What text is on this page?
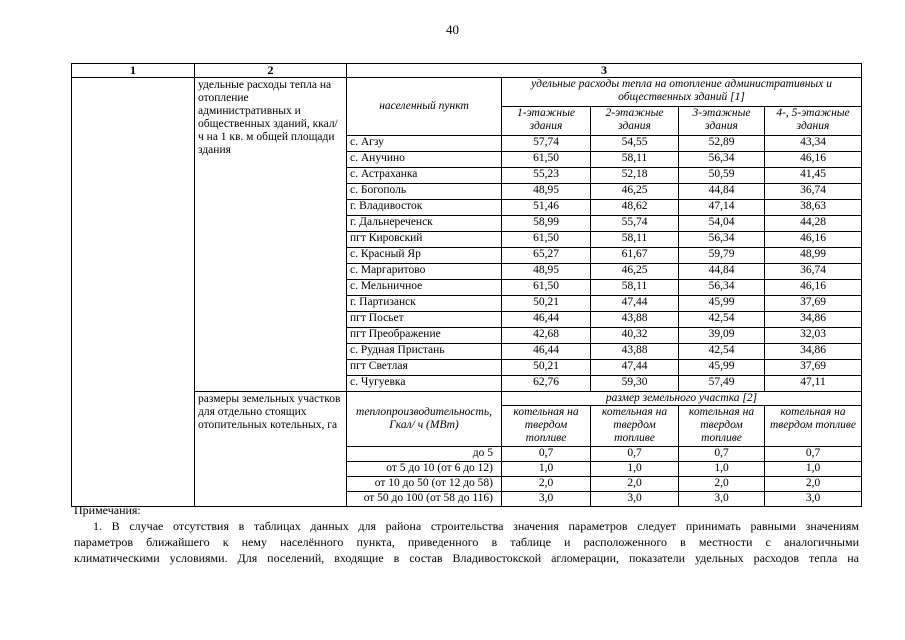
40
1	2	3				

	удельные расходы тепла на отопление административных и общественных зданий, ккал/ ч на 1 кв. м общей площади здания	населенный пункт	удельные расходы тепла на отопление административных и общественных зданий [1]			
			1-этажные здания	2-этажные здания	3-этажные здания	4-, 5-этажные здания
		с. Агзу	57,74	54,55	52,89	43,34
		с. Анучино	61,50	58,11	56,34	46,16
		с. Астраханка	55,23	52,18	50,59	41,45
		с. Богополь	48,95	46,25	44,84	36,74
		г. Владивосток	51,46	48,62	47,14	38,63
		г. Дальнереченск	58,99	55,74	54,04	44,28
		пгт Кировский	61,50	58,11	56,34	46,16
		с. Красный Яр	65,27	61,67	59,79	48,99
		с. Маргаритово	48,95	46,25	44,84	36,74
		с. Мельничное	61,50	58,11	56,34	46,16
		г. Партизанск	50,21	47,44	45,99	37,69
		пгт Посьет	46,44	43,88	42,54	34,86
		пгт Преображение	42,68	40,32	39,09	32,03
		с. Рудная Пристань	46,44	43,88	42,54	34,86
		пгт Светлая	50,21	47,44	45,99	37,69
		с. Чугуевка	62,76	59,30	57,49	47,11

	размеры земельных участков для отдельно стоящих отопительных котельных, га	теплопроизводительность, Гкал/ ч (МВт)	размер земельного участка [2]			
			котельная на твердом топливе	котельная на твердом топливе	котельная на твердом топливе	котельная на твердом топливе
		до 5	0,7	0,7	0,7	0,7
		от 5 до 10 (от 6 до 12)	1,0	1,0	1,0	1,0
		от 10 до 50 (от 12 до 58)	2,0	2,0	2,0	2,0
		от 50 до 100 (от 58 до 116)	3,0	3,0	3,0	3,0
Примечания:
1. В случае отсутствия в таблицах данных для района строительства значения параметров следует принимать равными значениям
параметров ближайшего к нему населённого пункта, приведенного в таблице и расположенного в местности с аналогичными
климатическими условиями. Для поселений, входящие в состав Владивостокской агломерации, показатели удельных расходов тепла на
